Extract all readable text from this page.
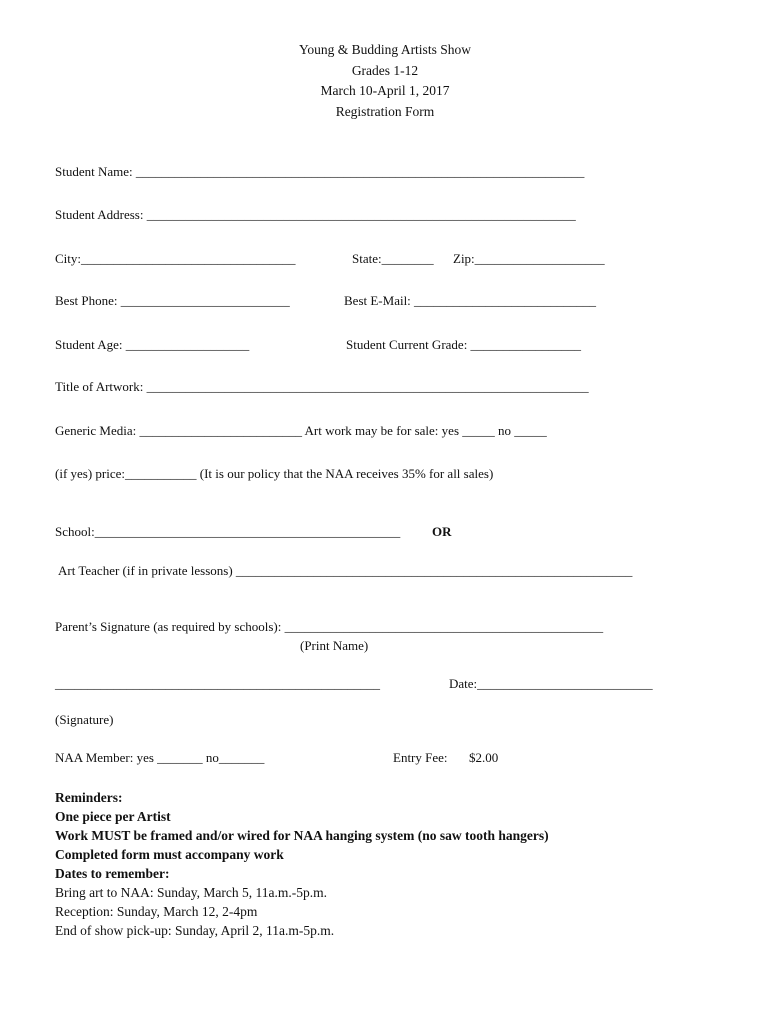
Young & Budding Artists Show
Grades 1-12
March 10-April 1, 2017
Registration Form
Student Name: _____________________________________________________________________
Student Address: __________________________________________________________________
City:_________________________________	State:________ Zip:____________________
Best Phone: __________________________	Best E-Mail: ____________________________
Student Age: ___________________	Student Current Grade: _________________
Title of Artwork: ____________________________________________________________________
Generic Media: _________________________ Art work may be for sale: yes _____ no _____
(if yes) price:___________ (It is our policy that the NAA receives 35% for all sales)
School:_______________________________________________ OR
Art Teacher (if in private lessons) _____________________________________________________________
Parent’s Signature (as required by schools): _________________________________________________
(Print Name)
__________________________________________________	Date:___________________________
(Signature)
NAA Member: yes _______ no_______	Entry Fee: $2.00
Reminders:
One piece per Artist
Work MUST be framed and/or wired for NAA hanging system (no saw tooth hangers)
Completed form must accompany work
Dates to remember:
Bring art to NAA: Sunday, March 5, 11a.m.-5p.m.
Reception: Sunday, March 12, 2-4pm
End of show pick-up: Sunday, April 2, 11a.m-5p.m.
